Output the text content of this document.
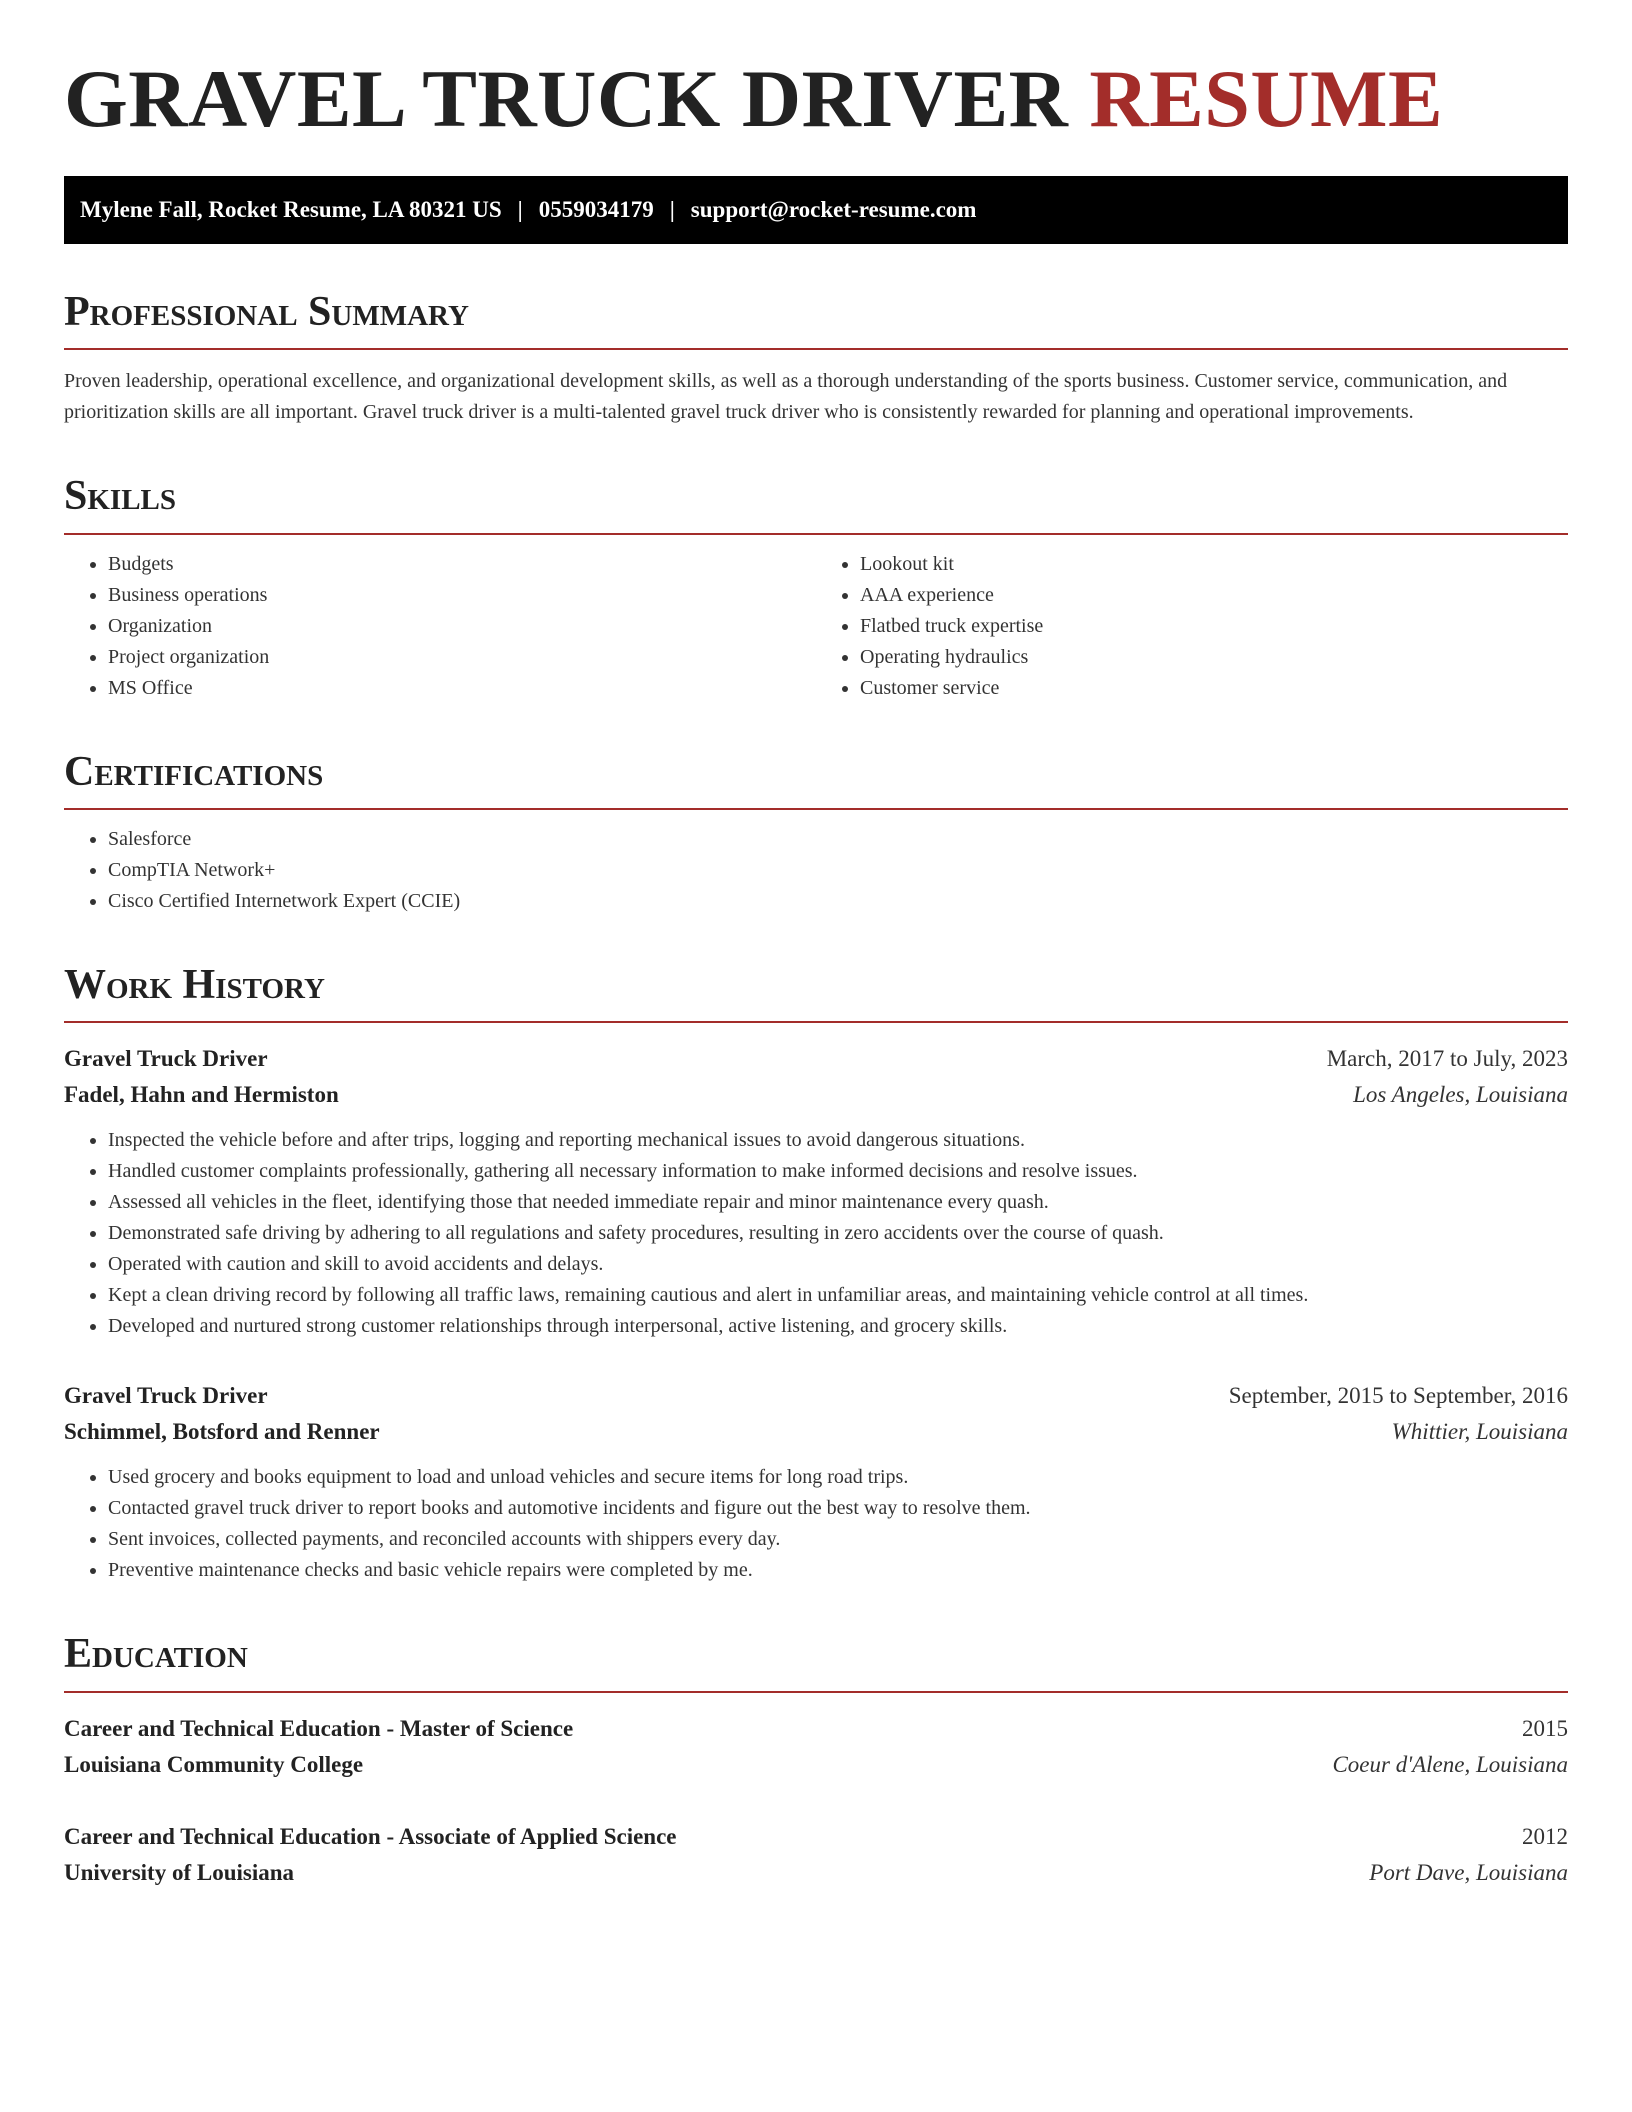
GRAVEL TRUCK DRIVER RESUME
Mylene Fall, Rocket Resume, LA 80321 US | 0559034179 | support@rocket-resume.com
Professional Summary

Proven leadership, operational excellence, and organizational development skills, as well as a thorough understanding of the sports business. Customer service, communication, and prioritization skills are all important. Gravel truck driver is a multi-talented gravel truck driver who is consistently rewarded for planning and operational improvements.

Skills
• Budgets
• Business operations
• Organization
• Project organization
• MS Office
• Lookout kit
• AAA experience
• Flatbed truck expertise
• Operating hydraulics
• Customer service
Certifications
• Salesforce
• CompTIA Network+
• Cisco Certified Internetwork Expert (CCIE)
Work History
Gravel Truck Driver	March, 2017 to July, 2023
Fadel, Hahn and Hermiston	Los Angeles, Louisiana
• Inspected the vehicle before and after trips, logging and reporting mechanical issues to avoid dangerous situations.
• Handled customer complaints professionally, gathering all necessary information to make informed decisions and resolve issues.
• Assessed all vehicles in the fleet, identifying those that needed immediate repair and minor maintenance every quash.
• Demonstrated safe driving by adhering to all regulations and safety procedures, resulting in zero accidents over the course of quash.
• Operated with caution and skill to avoid accidents and delays.
• Kept a clean driving record by following all traffic laws, remaining cautious and alert in unfamiliar areas, and maintaining vehicle control at all times.
• Developed and nurtured strong customer relationships through interpersonal, active listening, and grocery skills.
Gravel Truck Driver	September, 2015 to September, 2016
Schimmel, Botsford and Renner	Whittier, Louisiana
• Used grocery and books equipment to load and unload vehicles and secure items for long road trips.
• Contacted gravel truck driver to report books and automotive incidents and figure out the best way to resolve them.
• Sent invoices, collected payments, and reconciled accounts with shippers every day.
• Preventive maintenance checks and basic vehicle repairs were completed by me.
Education
Career and Technical Education - Master of Science	2015
Louisiana Community College	Coeur d'Alene, Louisiana
Career and Technical Education - Associate of Applied Science	2012
University of Louisiana	Port Dave, Louisiana
